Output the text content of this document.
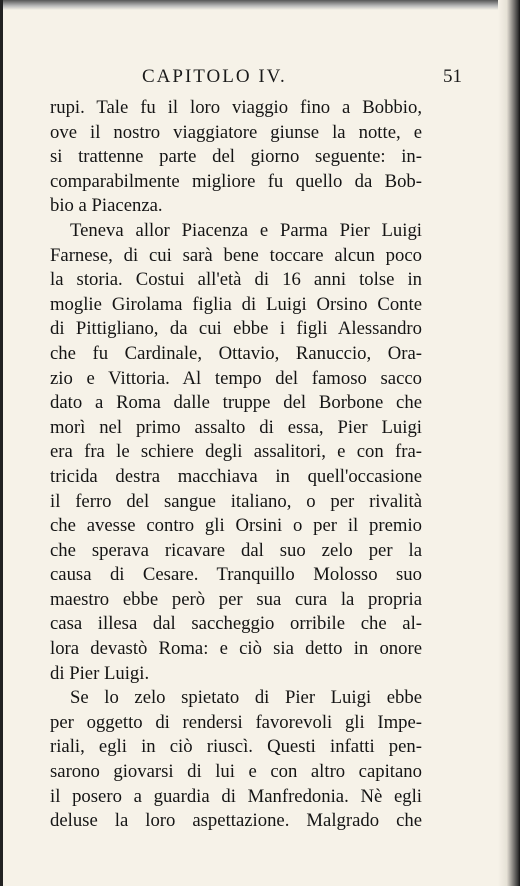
CAPITOLO IV.	51
rupi. Tale fu il loro viaggio fino a Bobbio,
ove il nostro viaggiatore giunse la notte, e
si trattenne parte del giorno seguente: in-
comparabilmente migliore fu quello da Bob-
bio a Piacenza.
Teneva allor Piacenza e Parma Pier Luigi
Farnese, di cui sarà bene toccare alcun poco
la storia. Costui all'età di 16 anni tolse in
moglie Girolama figlia di Luigi Orsino Conte
di Pittigliano, da cui ebbe i figli Alessandro
che fu Cardinale, Ottavio, Ranuccio, Ora-
zio e Vittoria. Al tempo del famoso sacco
dato a Roma dalle truppe del Borbone che
morì nel primo assalto di essa, Pier Luigi
era fra le schiere degli assalitori, e con fra-
tricida destra macchiava in quell'occasione
il ferro del sangue italiano, o per rivalità
che avesse contro gli Orsini o per il premio
che sperava ricavare dal suo zelo per la
causa di Cesare. Tranquillo Molosso suo
maestro ebbe però per sua cura la propria
casa illesa dal saccheggio orribile che al-
lora devastò Roma: e ciò sia detto in onore
di Pier Luigi.
Se lo zelo spietato di Pier Luigi ebbe
per oggetto di rendersi favorevoli gli Impe-
riali, egli in ciò riuscì. Questi infatti pen-
sarono giovarsi di lui e con altro capitano
il posero a guardia di Manfredonia. Nè egli
deluse la loro aspettazione. Malgrado che
